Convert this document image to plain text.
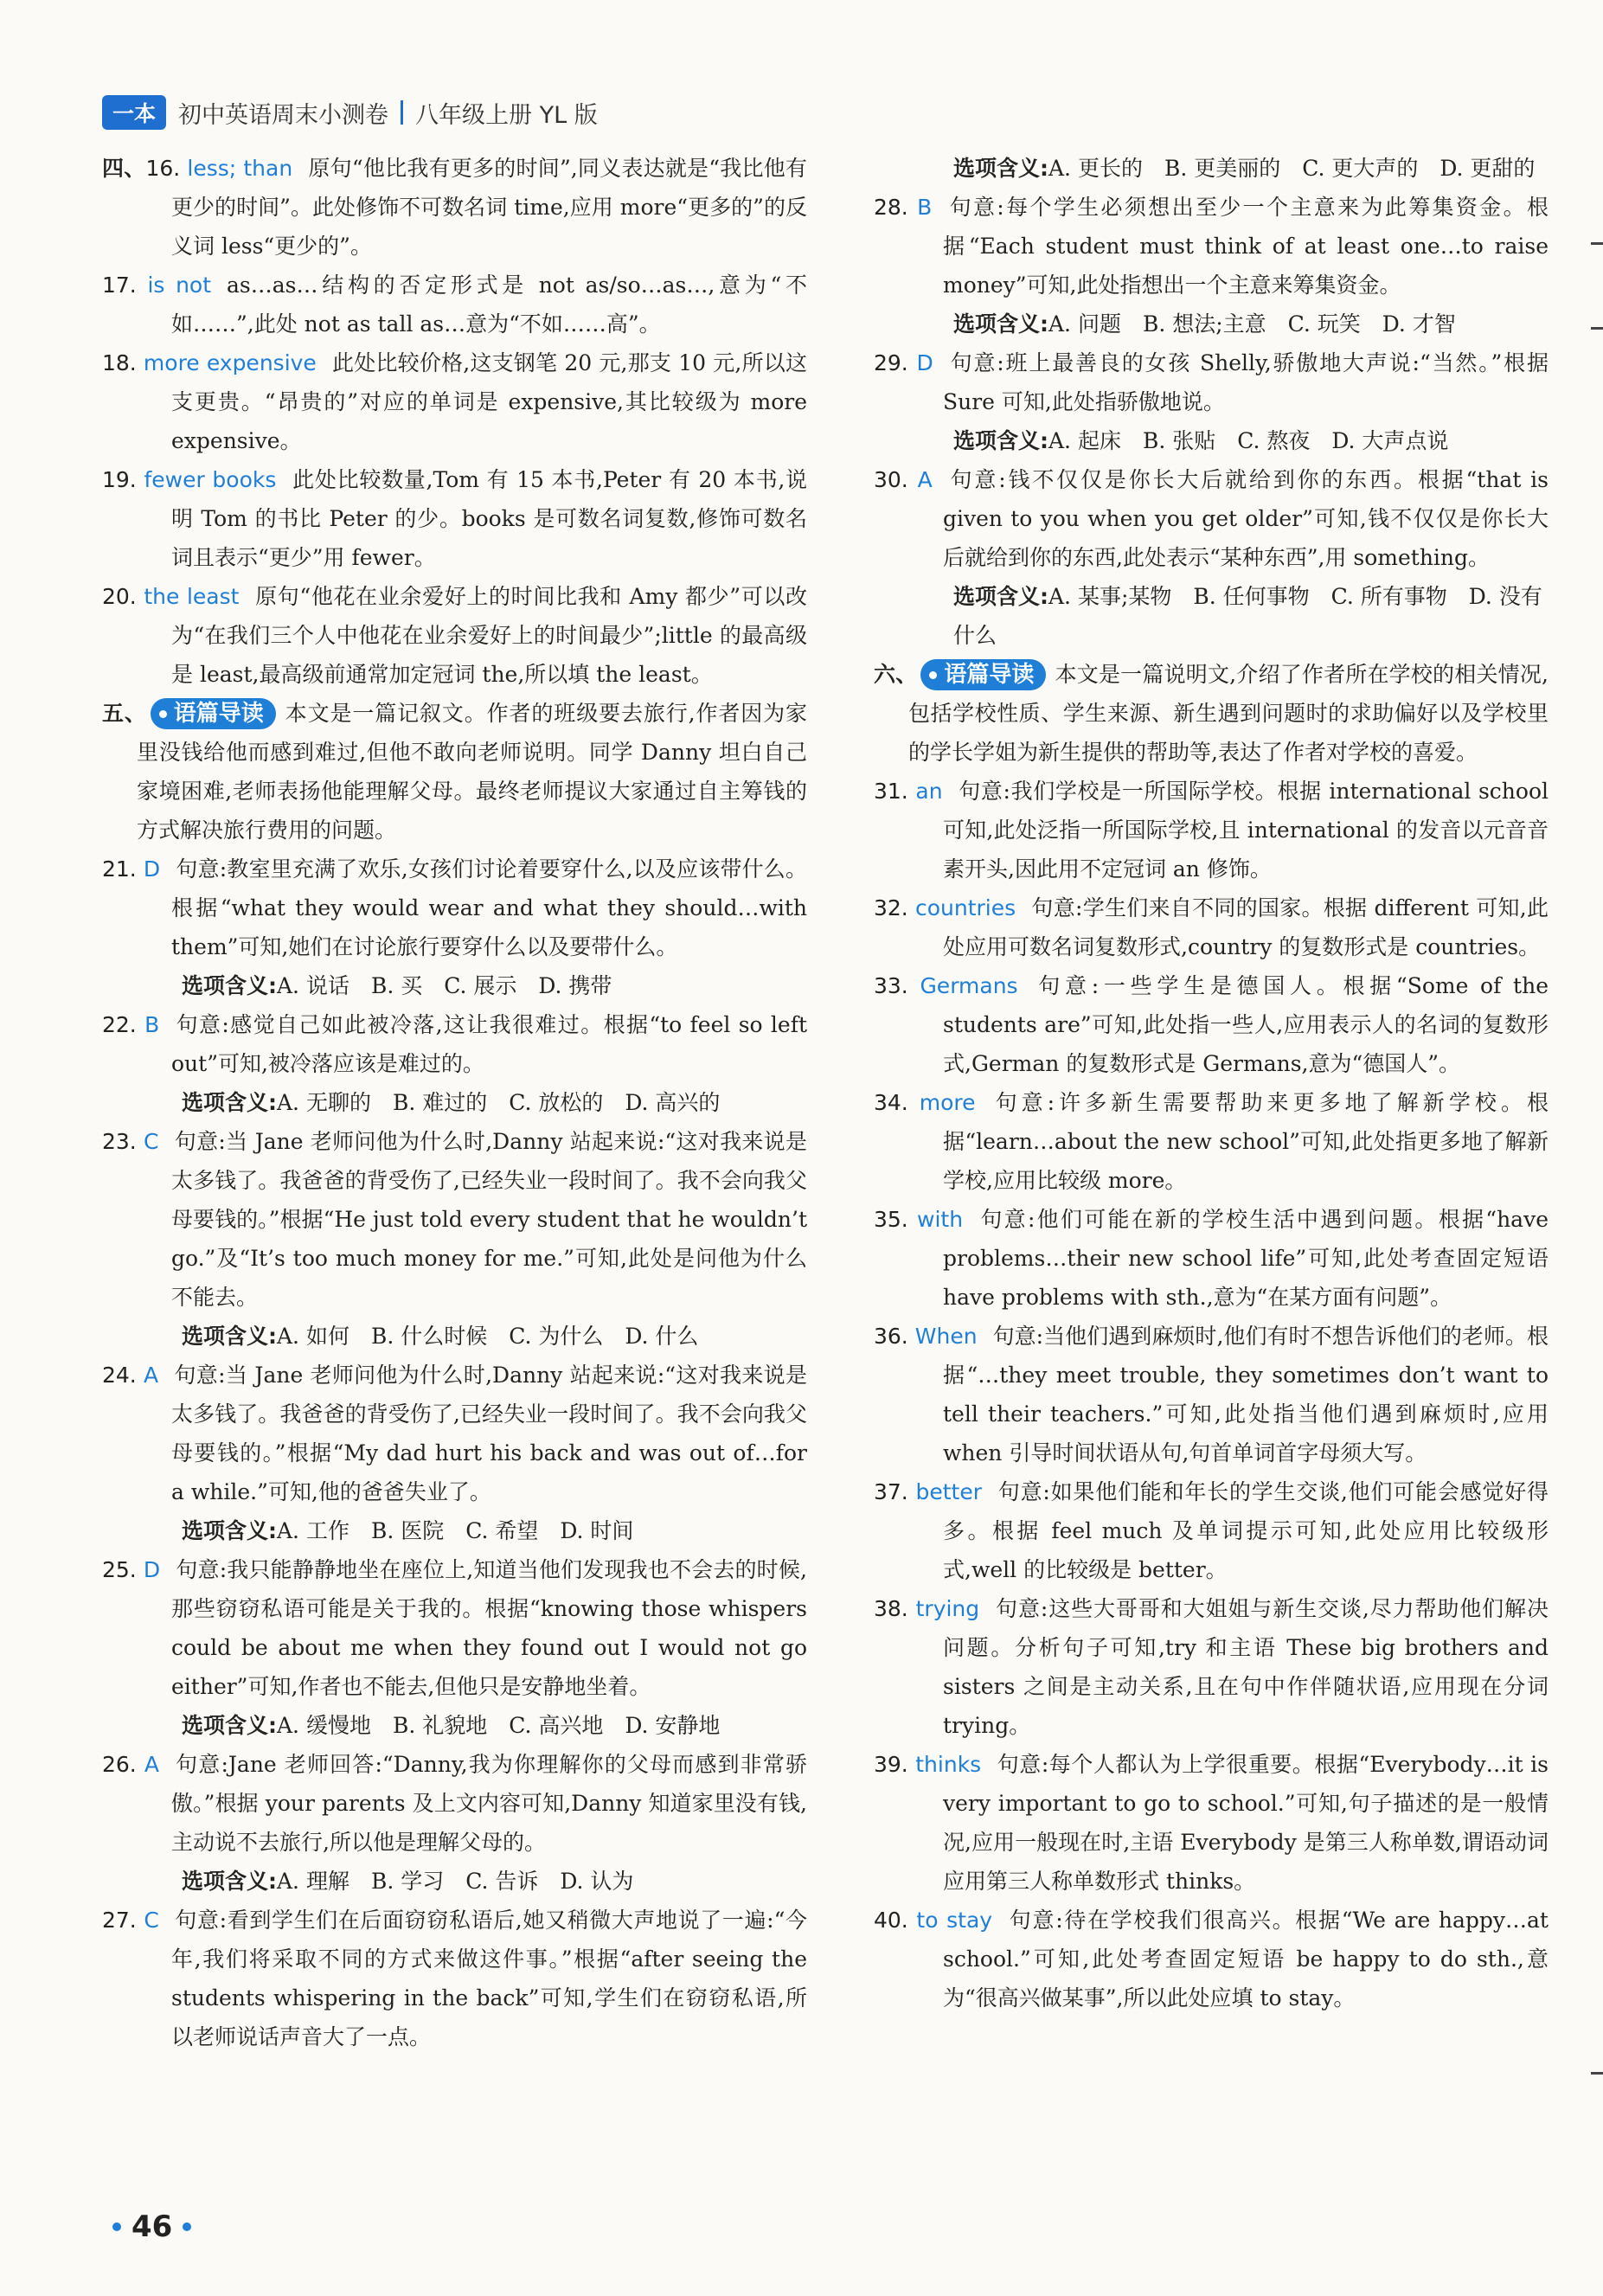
一本 初中英语周末小测卷 八年级上册 YL 版
四、16. less; than 原句“他比我有更多的时间”,同义表达就是“我比他有更少的时间”。此处修饰不可数名词 time,应用 more“更多的”的反义词 less“更少的”。
17. is not as…as…结构的否定形式是 not as/so…as…,意为“不如……”,此处 not as tall as…意为“不如……高”。
18. more expensive 此处比较价格,这支钢笔 20 元,那支 10 元,所以这支更贵。“昂贵的”对应的单词是 expensive,其比较级为 more expensive。
19. fewer books 此处比较数量,Tom 有 15 本书,Peter 有 20 本书,说明 Tom 的书比 Peter 的少。books 是可数名词复数,修饰可数名词且表示“更少”用 fewer。
20. the least 原句“他花在业余爱好上的时间比我和 Amy 都少”可以改为“在我们三个人中他花在业余爱好上的时间最少”;little 的最高级是 least,最高级前通常加定冠词 the,所以填 the least。
五、 语篇导读 本文是一篇记叙文。作者的班级要去旅行,作者因为家里没钱给他而感到难过,但他不敢向老师说明。同学 Danny 坦白自己家境困难,老师表扬他能理解父母。最终老师提议大家通过自主筹钱的方式解决旅行费用的问题。
21. D 句意:教室里充满了欢乐,女孩们讨论着要穿什么,以及应该带什么。根据“what they would wear and what they should…with them”可知,她们在讨论旅行要穿什么以及要带什么。
选项含义:A. 说话　B. 买　C. 展示　D. 携带
22. B 句意:感觉自己如此被冷落,这让我很难过。根据“to feel so left out”可知,被冷落应该是难过的。
选项含义:A. 无聊的　B. 难过的　C. 放松的　D. 高兴的
23. C 句意:当 Jane 老师问他为什么时,Danny 站起来说:“这对我来说是太多钱了。我爸爸的背受伤了,已经失业一段时间了。我不会向我父母要钱的。”根据“He just told every student that he wouldn’t go.”及“It’s too much money for me.”可知,此处是问他为什么不能去。
选项含义:A. 如何　B. 什么时候　C. 为什么　D. 什么
24. A 句意:当 Jane 老师问他为什么时,Danny 站起来说:“这对我来说是太多钱了。我爸爸的背受伤了,已经失业一段时间了。我不会向我父母要钱的。”根据“My dad hurt his back and was out of…for a while.”可知,他的爸爸失业了。
选项含义:A. 工作　B. 医院　C. 希望　D. 时间
25. D 句意:我只能静静地坐在座位上,知道当他们发现我也不会去的时候,那些窃窃私语可能是关于我的。根据“knowing those whispers could be about me when they found out I would not go either”可知,作者也不能去,但他只是安静地坐着。
选项含义:A. 缓慢地　B. 礼貌地　C. 高兴地　D. 安静地
26. A 句意:Jane 老师回答:“Danny,我为你理解你的父母而感到非常骄傲。”根据 your parents 及上文内容可知,Danny 知道家里没有钱,主动说不去旅行,所以他是理解父母的。
选项含义:A. 理解　B. 学习　C. 告诉　D. 认为
27. C 句意:看到学生们在后面窃窃私语后,她又稍微大声地说了一遍:“今年,我们将采取不同的方式来做这件事。”根据“after seeing the students whispering in the back”可知,学生们在窃窃私语,所以老师说话声音大了一点。
选项含义:A. 更长的　B. 更美丽的　C. 更大声的　D. 更甜的
28. B 句意:每个学生必须想出至少一个主意来为此筹集资金。根据“Each student must think of at least one…to raise money”可知,此处指想出一个主意来筹集资金。
选项含义:A. 问题　B. 想法;主意　C. 玩笑　D. 才智
29. D 句意:班上最善良的女孩 Shelly,骄傲地大声说:“当然。”根据 Sure 可知,此处指骄傲地说。
选项含义:A. 起床　B. 张贴　C. 熬夜　D. 大声点说
30. A 句意:钱不仅仅是你长大后就给到你的东西。根据“that is given to you when you get older”可知,钱不仅仅是你长大后就给到你的东西,此处表示“某种东西”,用 something。
选项含义:A. 某事;某物　B. 任何事物　C. 所有事物　D. 没有什么
六、 语篇导读 本文是一篇说明文,介绍了作者所在学校的相关情况,包括学校性质、学生来源、新生遇到问题时的求助偏好以及学校里的学长学姐为新生提供的帮助等,表达了作者对学校的喜爱。
31. an 句意:我们学校是一所国际学校。根据 international school 可知,此处泛指一所国际学校,且 international 的发音以元音音素开头,因此用不定冠词 an 修饰。
32. countries 句意:学生们来自不同的国家。根据 different 可知,此处应用可数名词复数形式,country 的复数形式是 countries。
33. Germans 句意:一些学生是德国人。根据“Some of the students are”可知,此处指一些人,应用表示人的名词的复数形式,German 的复数形式是 Germans,意为“德国人”。
34. more 句意:许多新生需要帮助来更多地了解新学校。根据“learn…about the new school”可知,此处指更多地了解新学校,应用比较级 more。
35. with 句意:他们可能在新的学校生活中遇到问题。根据“have problems…their new school life”可知,此处考查固定短语 have problems with sth.,意为“在某方面有问题”。
36. When 句意:当他们遇到麻烦时,他们有时不想告诉他们的老师。根据“…they meet trouble, they sometimes don’t want to tell their teachers.”可知,此处指当他们遇到麻烦时,应用 when 引导时间状语从句,句首单词首字母须大写。
37. better 句意:如果他们能和年长的学生交谈,他们可能会感觉好得多。根据 feel much 及单词提示可知,此处应用比较级形式,well 的比较级是 better。
38. trying 句意:这些大哥哥和大姐姐与新生交谈,尽力帮助他们解决问题。分析句子可知,try 和主语 These big brothers and sisters 之间是主动关系,且在句中作伴随状语,应用现在分词 trying。
39. thinks 句意:每个人都认为上学很重要。根据“Everybody…it is very important to go to school.”可知,句子描述的是一般情况,应用一般现在时,主语 Everybody 是第三人称单数,谓语动词应用第三人称单数形式 thinks。
40. to stay 句意:待在学校我们很高兴。根据“We are happy…at school.”可知,此处考查固定短语 be happy to do sth.,意为“很高兴做某事”,所以此处应填 to stay。
46
